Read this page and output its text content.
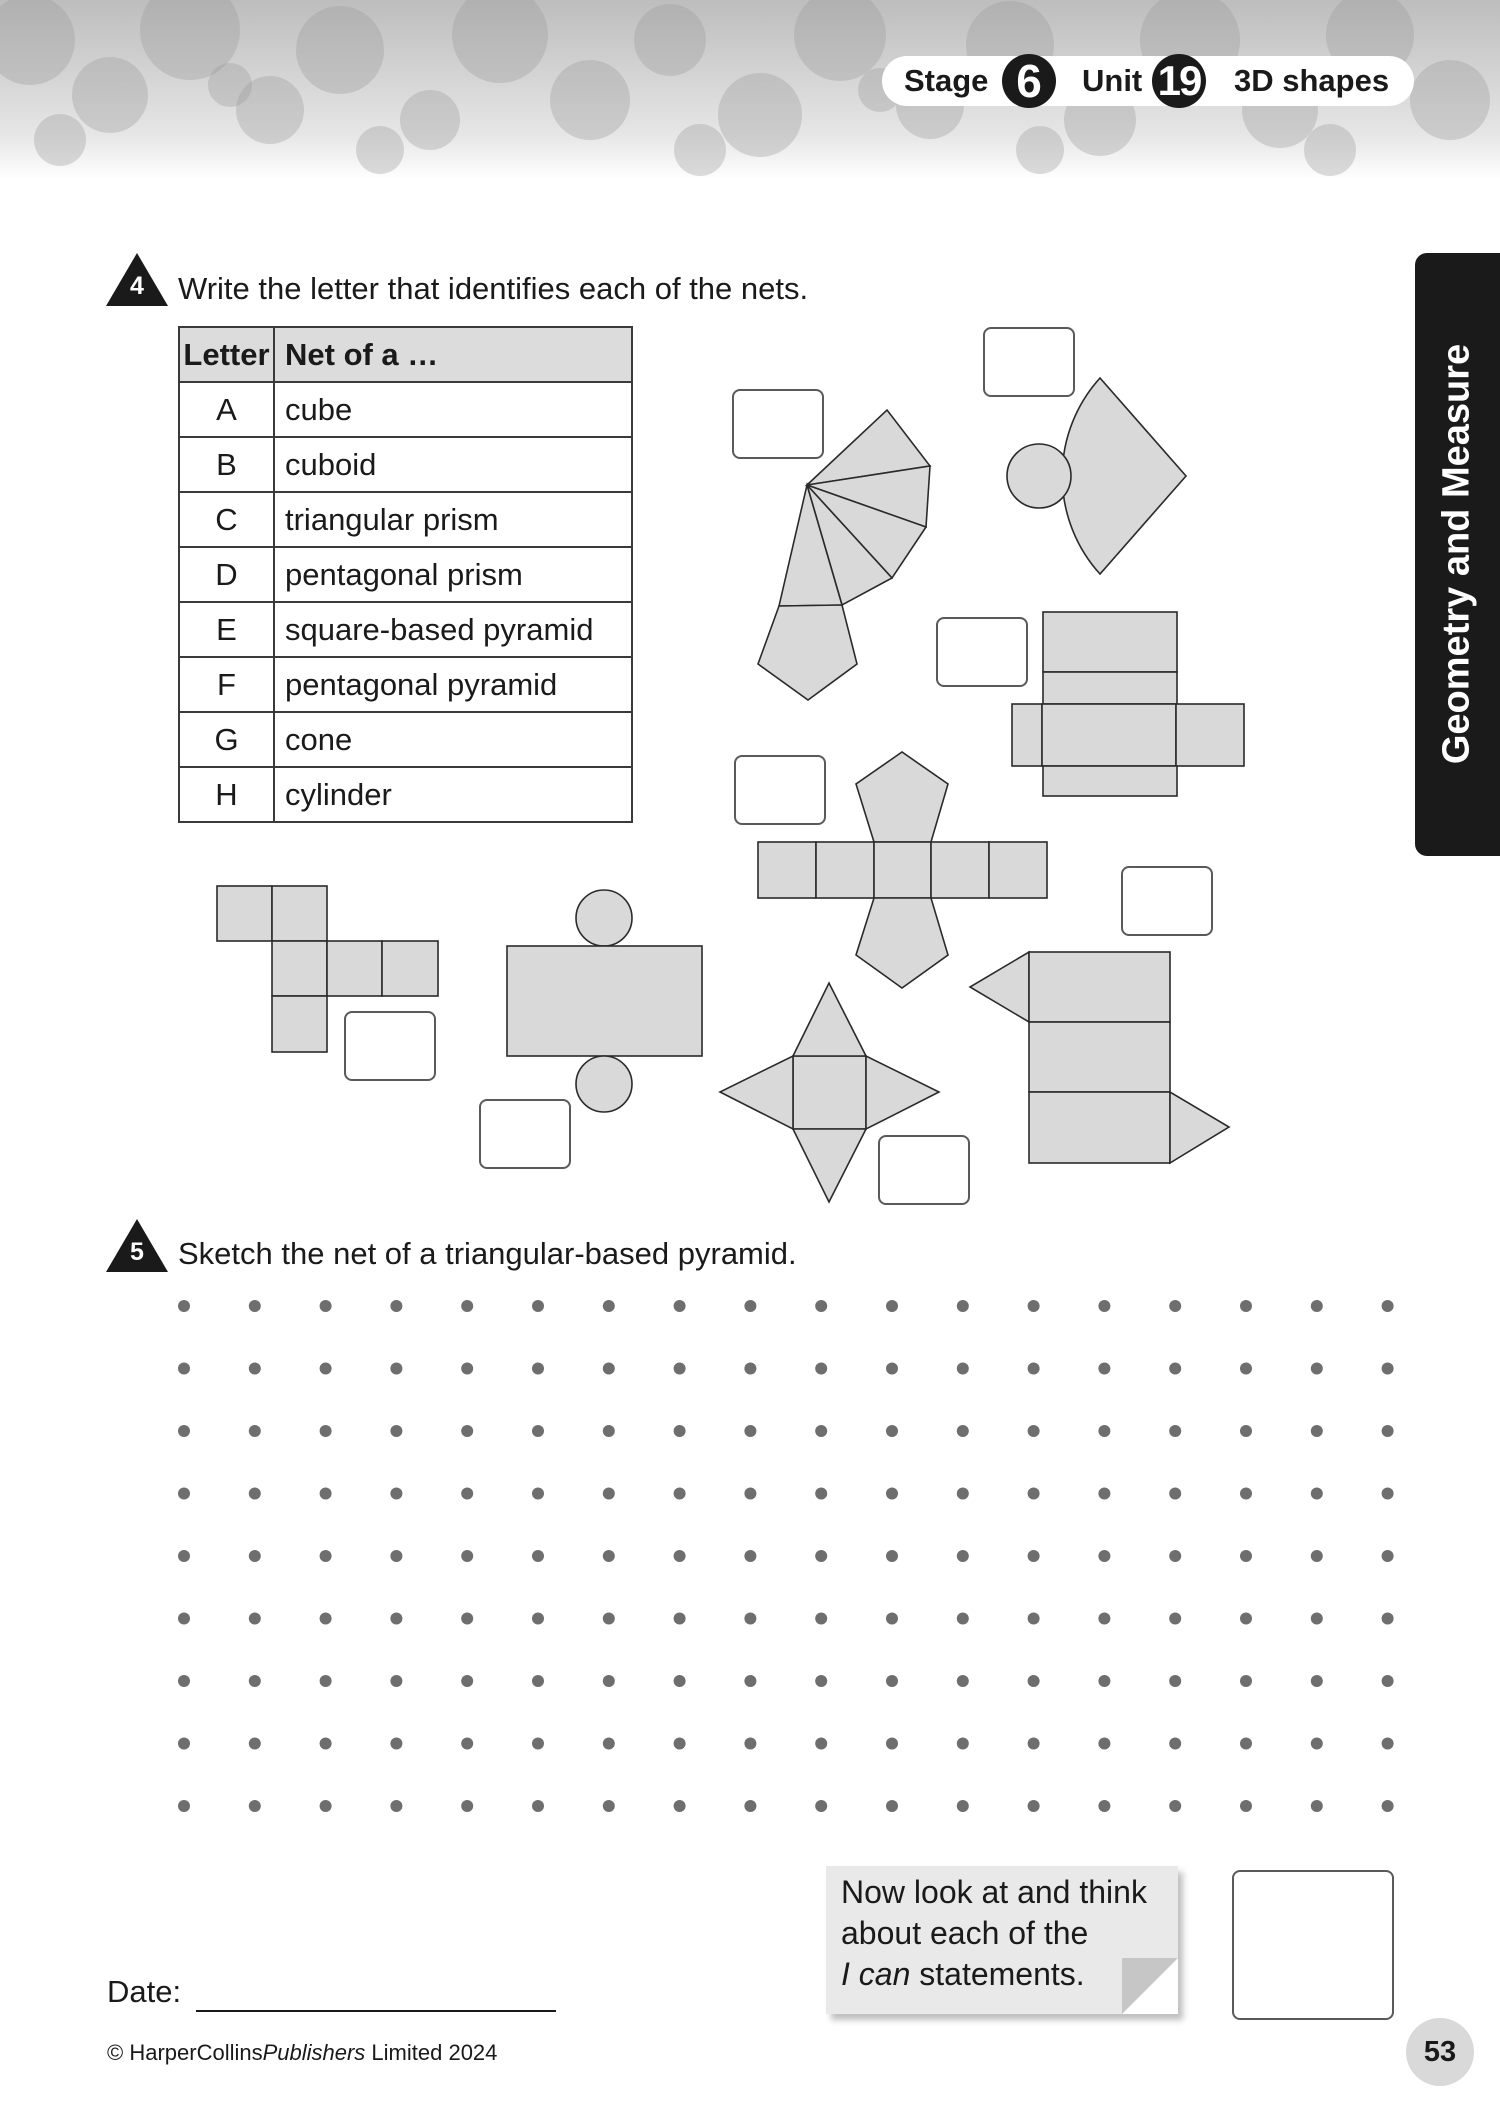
Stage 6	Unit 19 3D shapes
Geometry and Measure
4	Write the letter that identifies each of the nets.
Letter	Net of a …
A	cube
B	cuboid
C	triangular prism
D	pentagonal prism
E	square-based pyramid
F	pentagonal pyramid
G	cone
H	cylinder
5	Sketch the net of a triangular-based pyramid.
Now look at and think
about each of the
I can statements.
Date:
© HarperCollinsPublishers Limited 2024	53
